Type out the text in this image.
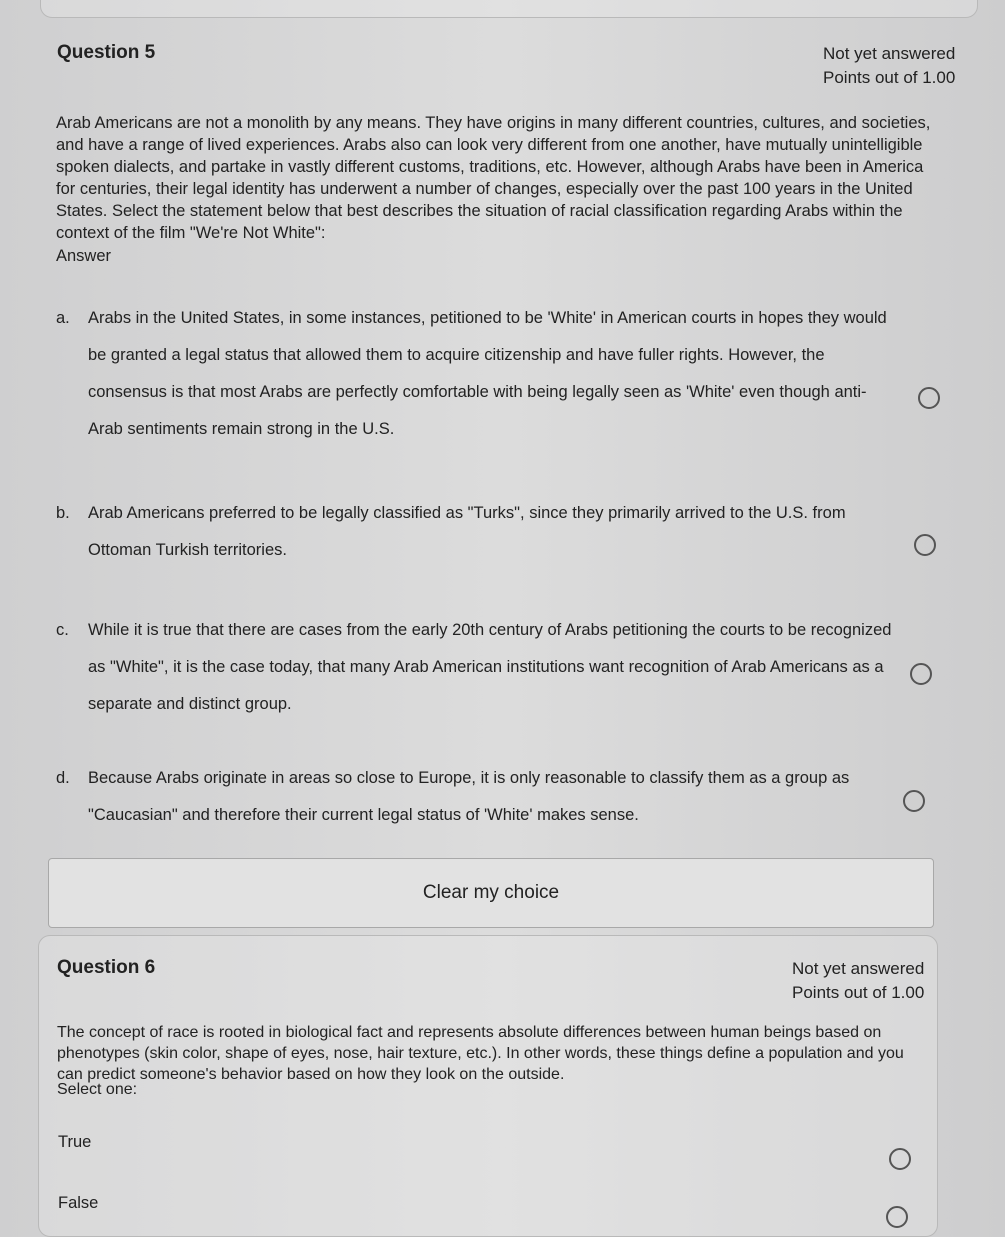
Question 5	Not yet answered
Points out of 1.00
Arab Americans are not a monolith by any means. They have origins in many different countries, cultures, and societies, and have a range of lived experiences. Arabs also can look very different from one another, have mutually unintelligible spoken dialects, and partake in vastly different customs, traditions, etc. However, although Arabs have been in America for centuries, their legal identity has underwent a number of changes, especially over the past 100 years in the United States. Select the statement below that best describes the situation of racial classification regarding Arabs within the context of the film "We're Not White":
Answer
a. Arabs in the United States, in some instances, petitioned to be 'White' in American courts in hopes they would be granted a legal status that allowed them to acquire citizenship and have fuller rights. However, the consensus is that most Arabs are perfectly comfortable with being legally seen as 'White' even though anti-Arab sentiments remain strong in the U.S.
b. Arab Americans preferred to be legally classified as "Turks", since they primarily arrived to the U.S. from Ottoman Turkish territories.
c. While it is true that there are cases from the early 20th century of Arabs petitioning the courts to be recognized as "White", it is the case today, that many Arab American institutions want recognition of Arab Americans as a separate and distinct group.
d. Because Arabs originate in areas so close to Europe, it is only reasonable to classify them as a group as "Caucasian" and therefore their current legal status of 'White' makes sense.
Clear my choice
Question 6	Not yet answered
Points out of 1.00
The concept of race is rooted in biological fact and represents absolute differences between human beings based on phenotypes (skin color, shape of eyes, nose, hair texture, etc.). In other words, these things define a population and you can predict someone's behavior based on how they look on the outside.
Select one:
True
False
